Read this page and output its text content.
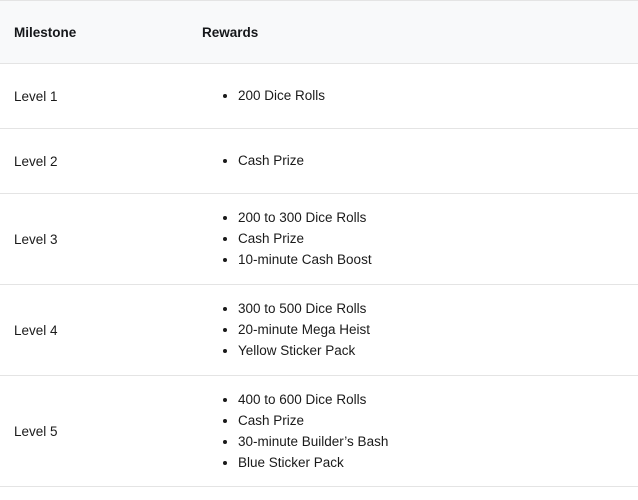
Milestone	Rewards
Level 1	
•200 Dice Rolls

Level 2	
•Cash Prize

Level 3	
• 200 to 300 Dice Rolls
• Cash Prize
• 10-minute Cash Boost

Level 4	
• 300 to 500 Dice Rolls
• 20-minute Mega Heist
• Yellow Sticker Pack

Level 5	
• 400 to 600 Dice Rolls
• Cash Prize
• 30-minute Builder’s Bash
• Blue Sticker Pack
